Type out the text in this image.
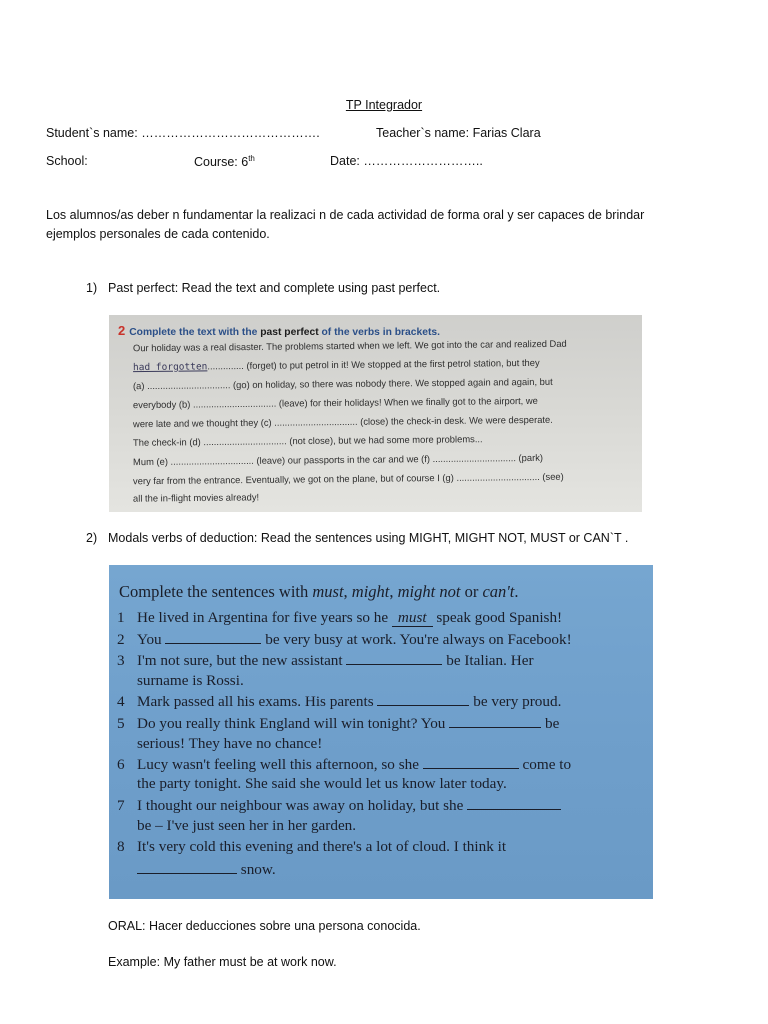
TP Integrador
Student`s name: …………………………………….	Teacher`s name: Farias Clara
School:	Course: 6th	Date: ………………………..
Los alumnos/as deber n fundamentar la realizaci n de cada actividad de forma oral y ser capaces de brindar
ejemplos personales de cada contenido.
1) Past perfect: Read the text and complete using past perfect.
2 Complete the text with the past perfect of the verbs in brackets.
Our holiday was a real disaster. The problems started when we left. We got into the car and realized Dad
had forgotten.............. (forget) to put petrol in it! We stopped at the first petrol station, but they
(a) ................................ (go) on holiday, so there was nobody there. We stopped again and again, but
everybody (b) ................................ (leave) for their holidays! When we finally got to the airport, we
were late and we thought they (c) ................................ (close) the check-in desk. We were desperate.
The check-in (d) ................................ (not close), but we had some more problems...
Mum (e) ................................ (leave) our passports in the car and we (f) ................................ (park)
very far from the entrance. Eventually, we got on the plane, but of course I (g) ................................ (see)
all the in-flight movies already!
2) Modals verbs of deduction: Read the sentences using MIGHT, MIGHT NOT, MUST or CAN`T .
Complete the sentences with must, might, might not or can't.
1 He lived in Argentina for five years so he must speak good Spanish!
2 You	be very busy at work. You're always on Facebook!
3 I'm not sure, but the new assistant	be Italian. Her
surname is Rossi.
4 Mark passed all his exams. His parents	be very proud.
5 Do you really think England will win tonight? You	be
serious! They have no chance!
6 Lucy wasn't feeling well this afternoon, so she	come to
the party tonight. She said she would let us know later today.
7 I thought our neighbour was away on holiday, but she
be – I've just seen her in her garden.
8 It's very cold this evening and there's a lot of cloud. I think it
snow.
ORAL: Hacer deducciones sobre una persona conocida.
Example: My father must be at work now.
